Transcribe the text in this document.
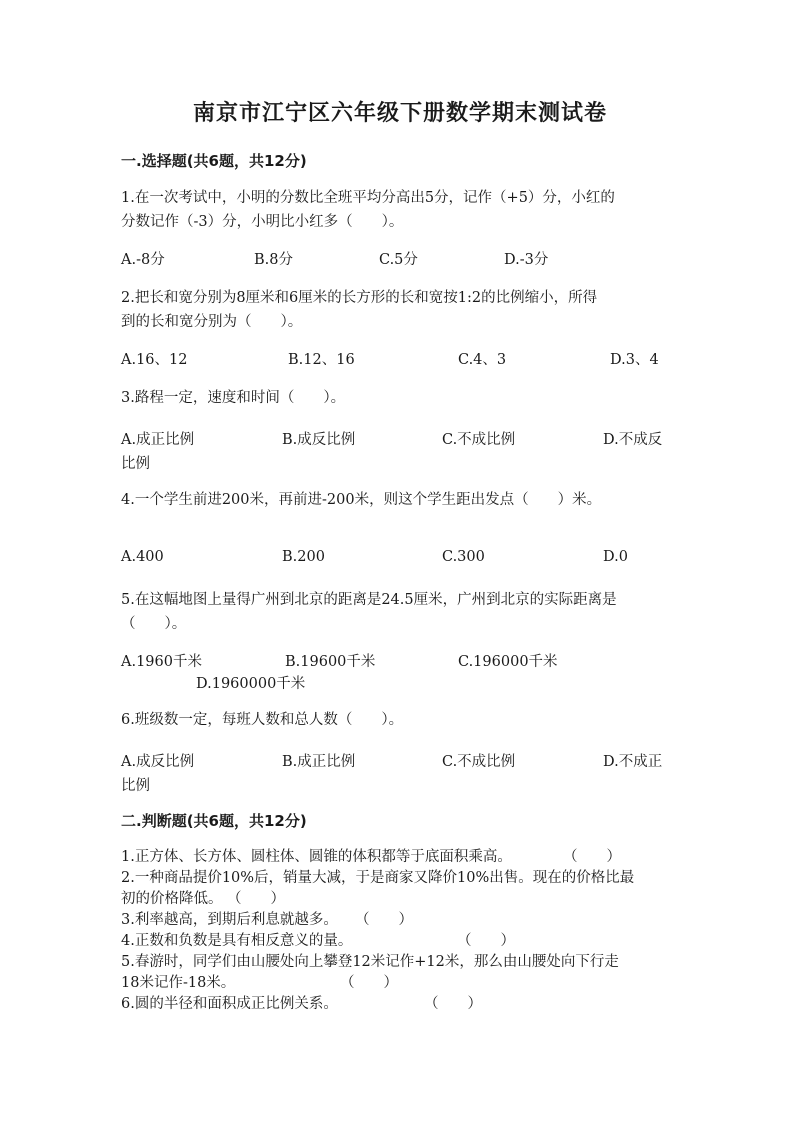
南京市江宁区六年级下册数学期末测试卷
一.选择题(共6题，共12分)
1.在一次考试中，小明的分数比全班平均分高出5分，记作（+5）分，小红的
分数记作（-3）分，小明比小红多（　　）。
A.-8分	B.8分	C.5分	D.-3分
2.把长和宽分别为8厘米和6厘米的长方形的长和宽按1:2的比例缩小，所得
到的长和宽分别为（　　）。
A.16、12	B.12、16	C.4、3	D.3、4
3.路程一定，速度和时间（　　）。
A.成正比例	B.成反比例	C.不成比例	D.不成反
比例
4.一个学生前进200米，再前进-200米，则这个学生距出发点（　　）米。
A.400	B.200	C.300	D.0
5.在这幅地图上量得广州到北京的距离是24.5厘米，广州到北京的实际距离是
（　　）。
A.1960千米	B.19600千米	C.196000千米
D.1960000千米
6.班级数一定，每班人数和总人数（　　）。
A.成反比例	B.成正比例	C.不成比例	D.不成正
比例
二.判断题(共6题，共12分)
1.正方体、长方体、圆柱体、圆锥的体积都等于底面积乘高。	（　　）
2.一种商品提价10%后，销量大减，于是商家又降价10%出售。现在的价格比最
初的价格降低。 （　　）
3.利率越高，到期后利息就越多。 （　　）
4.正数和负数是具有相反意义的量。	（　　）
5.春游时，同学们由山腰处向上攀登12米记作+12米，那么由山腰处向下行走
18米记作-18米。	（　　）
6.圆的半径和面积成正比例关系。	（　　）
